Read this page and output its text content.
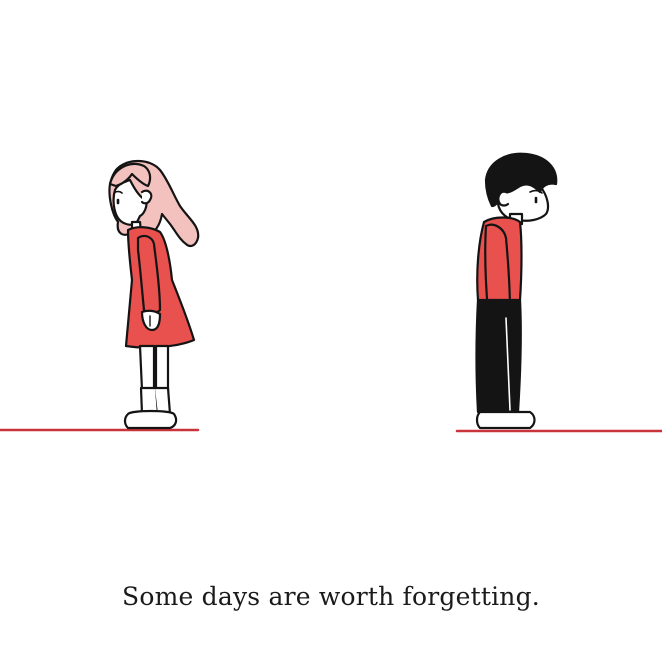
Some days are worth forgetting.
